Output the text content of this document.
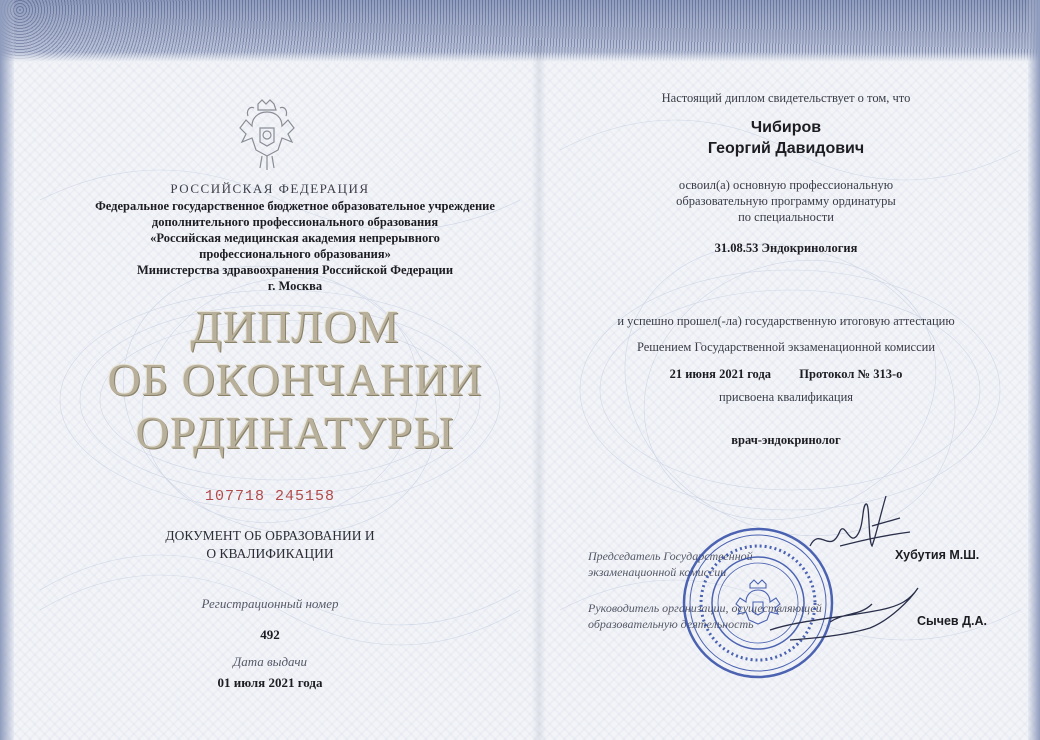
РОССИЙСКАЯ ФЕДЕРАЦИЯ

Федеральное государственное бюджетное образовательное учреждение
дополнительного профессионального образования
«Российская медицинская академия непрерывного
профессионального образования»
Министерства здравоохранения Российской Федерации
г. Москва

ДИПЛОМ
ОБ ОКОНЧАНИИ
ОРДИНАТУРЫ
107718 245158
ДОКУМЕНТ ОБ ОБРАЗОВАНИИ И
О КВАЛИФИКАЦИИ
Регистрационный номер
492
Дата выдачи
01 июля 2021 года
Настоящий диплом свидетельствует о том, что
Чибиров
Георгий Давидович
освоил(а) основную профессиональную
образовательную программу ординатуры
по специальности
31.08.53 Эндокринология
и успешно прошел(-ла) государственную итоговую аттестацию
Решением Государственной экзаменационной комиссии
21 июня 2021 года Протокол № 313-о
присвоена квалификация
врач-эндокринолог
Председатель Государственной
экзаменационной комиссии
Хубутия М.Ш.
Руководитель организации, осуществляющей
образовательную деятельность	Сычев Д.А.
